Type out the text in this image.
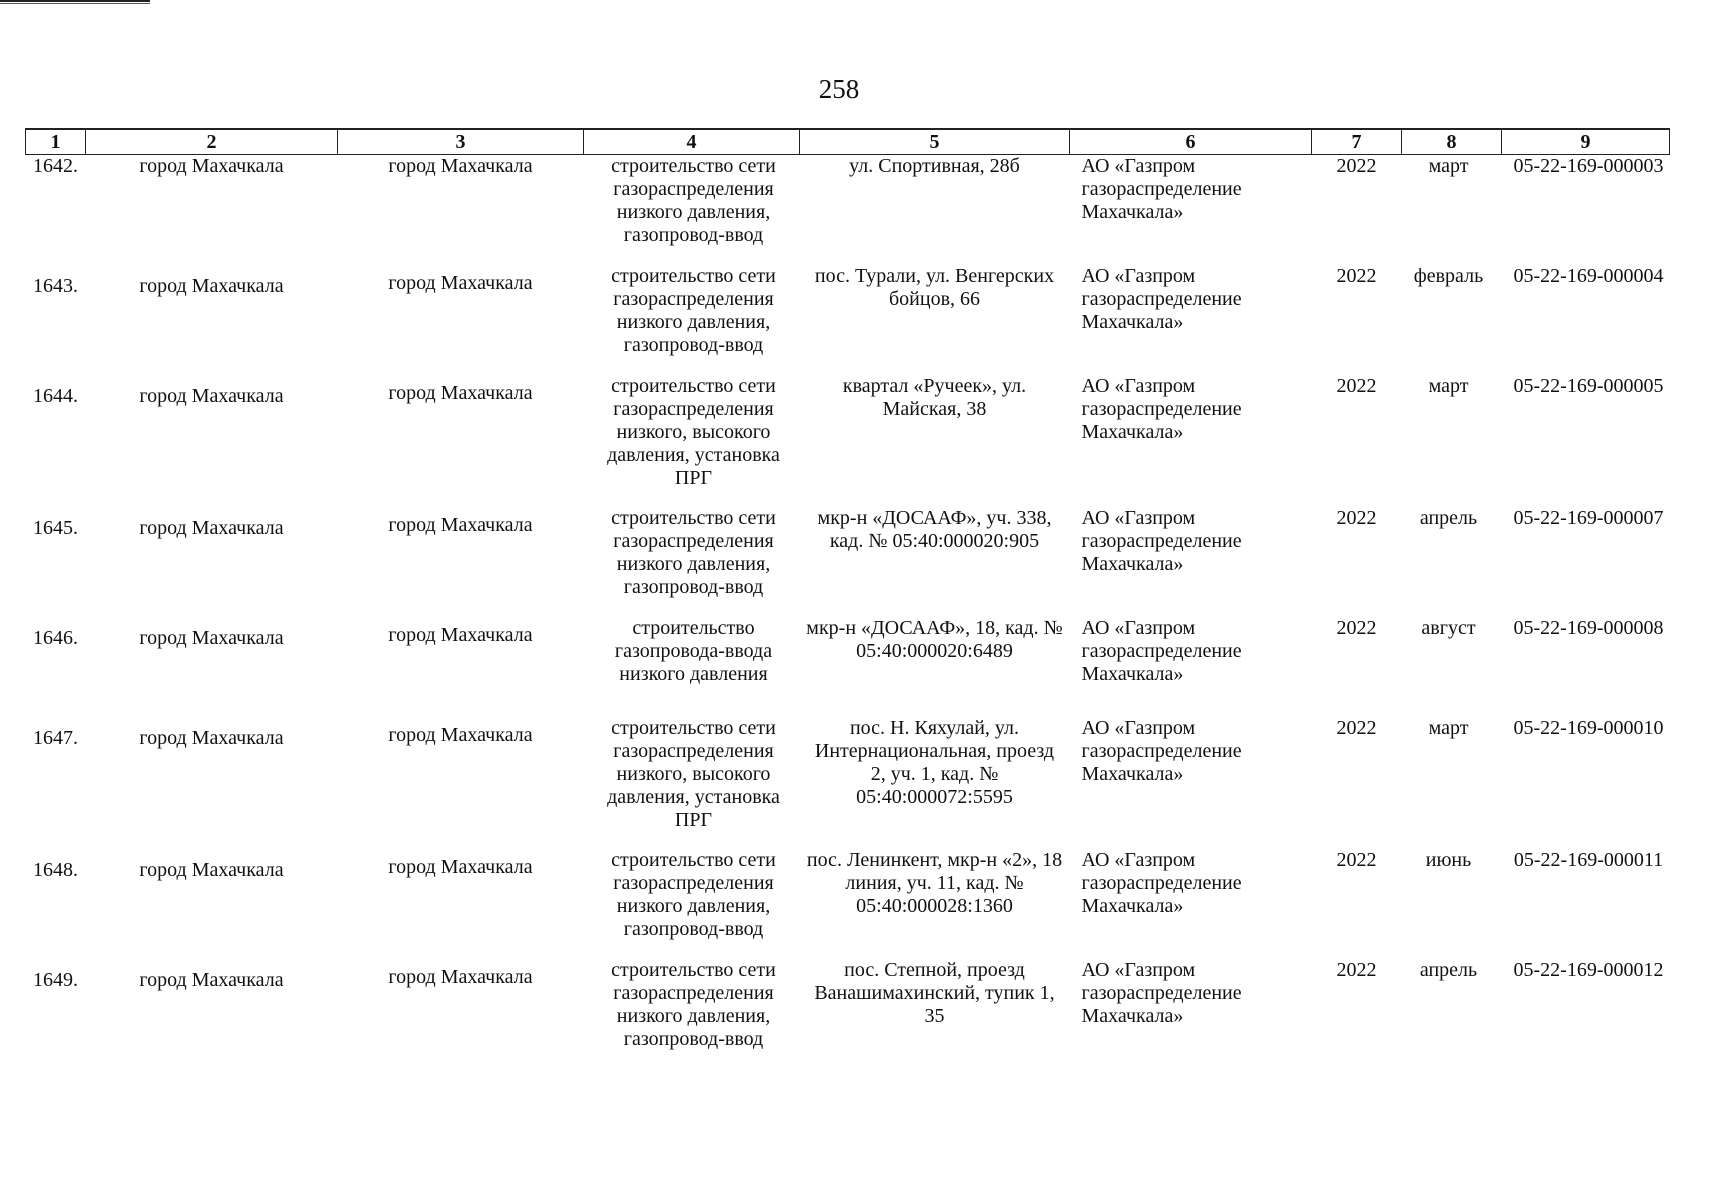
258
1	2	3	4	5	6	7	8	9
1642.	город Махачкала	город Махачкала	строительство сети газораспределения низкого давления, газопровод-ввод	ул. Спортивная, 28б	АО «Газпром газораспределение Махачкала»	2022	март	05-22-169-000003
1643.	город Махачкала	город Махачкала	строительство сети газораспределения низкого давления, газопровод-ввод	пос. Турали, ул. Венгерских бойцов, 66	АО «Газпром газораспределение Махачкала»	2022	февраль	05-22-169-000004
1644.	город Махачкала	город Махачкала	строительство сети газораспределения низкого, высокого давления, установка ПРГ	квартал «Ручеек», ул. Майская, 38	АО «Газпром газораспределение Махачкала»	2022	март	05-22-169-000005
1645.	город Махачкала	город Махачкала	строительство сети газораспределения низкого давления, газопровод-ввод	мкр-н «ДОСААФ», уч. 338, кад. № 05:40:000020:905	АО «Газпром газораспределение Махачкала»	2022	апрель	05-22-169-000007
1646.	город Махачкала	город Махачкала	строительство газопровода-ввода низкого давления	мкр-н «ДОСААФ», 18, кад. № 05:40:000020:6489	АО «Газпром газораспределение Махачкала»	2022	август	05-22-169-000008
1647.	город Махачкала	город Махачкала	строительство сети газораспределения низкого, высокого давления, установка ПРГ	пос. Н. Кяхулай, ул. Интернациональная, проезд 2, уч. 1, кад. № 05:40:000072:5595	АО «Газпром газораспределение Махачкала»	2022	март	05-22-169-000010
1648.	город Махачкала	город Махачкала	строительство сети газораспределения низкого давления, газопровод-ввод	пос. Ленинкент, мкр-н «2», 18 линия, уч. 11, кад. № 05:40:000028:1360	АО «Газпром газораспределение Махачкала»	2022	июнь	05-22-169-000011
1649.	город Махачкала	город Махачкала	строительство сети газораспределения низкого давления, газопровод-ввод	пос. Степной, проезд Ванашимахинский, тупик 1, 35	АО «Газпром газораспределение Махачкала»	2022	апрель	05-22-169-000012
